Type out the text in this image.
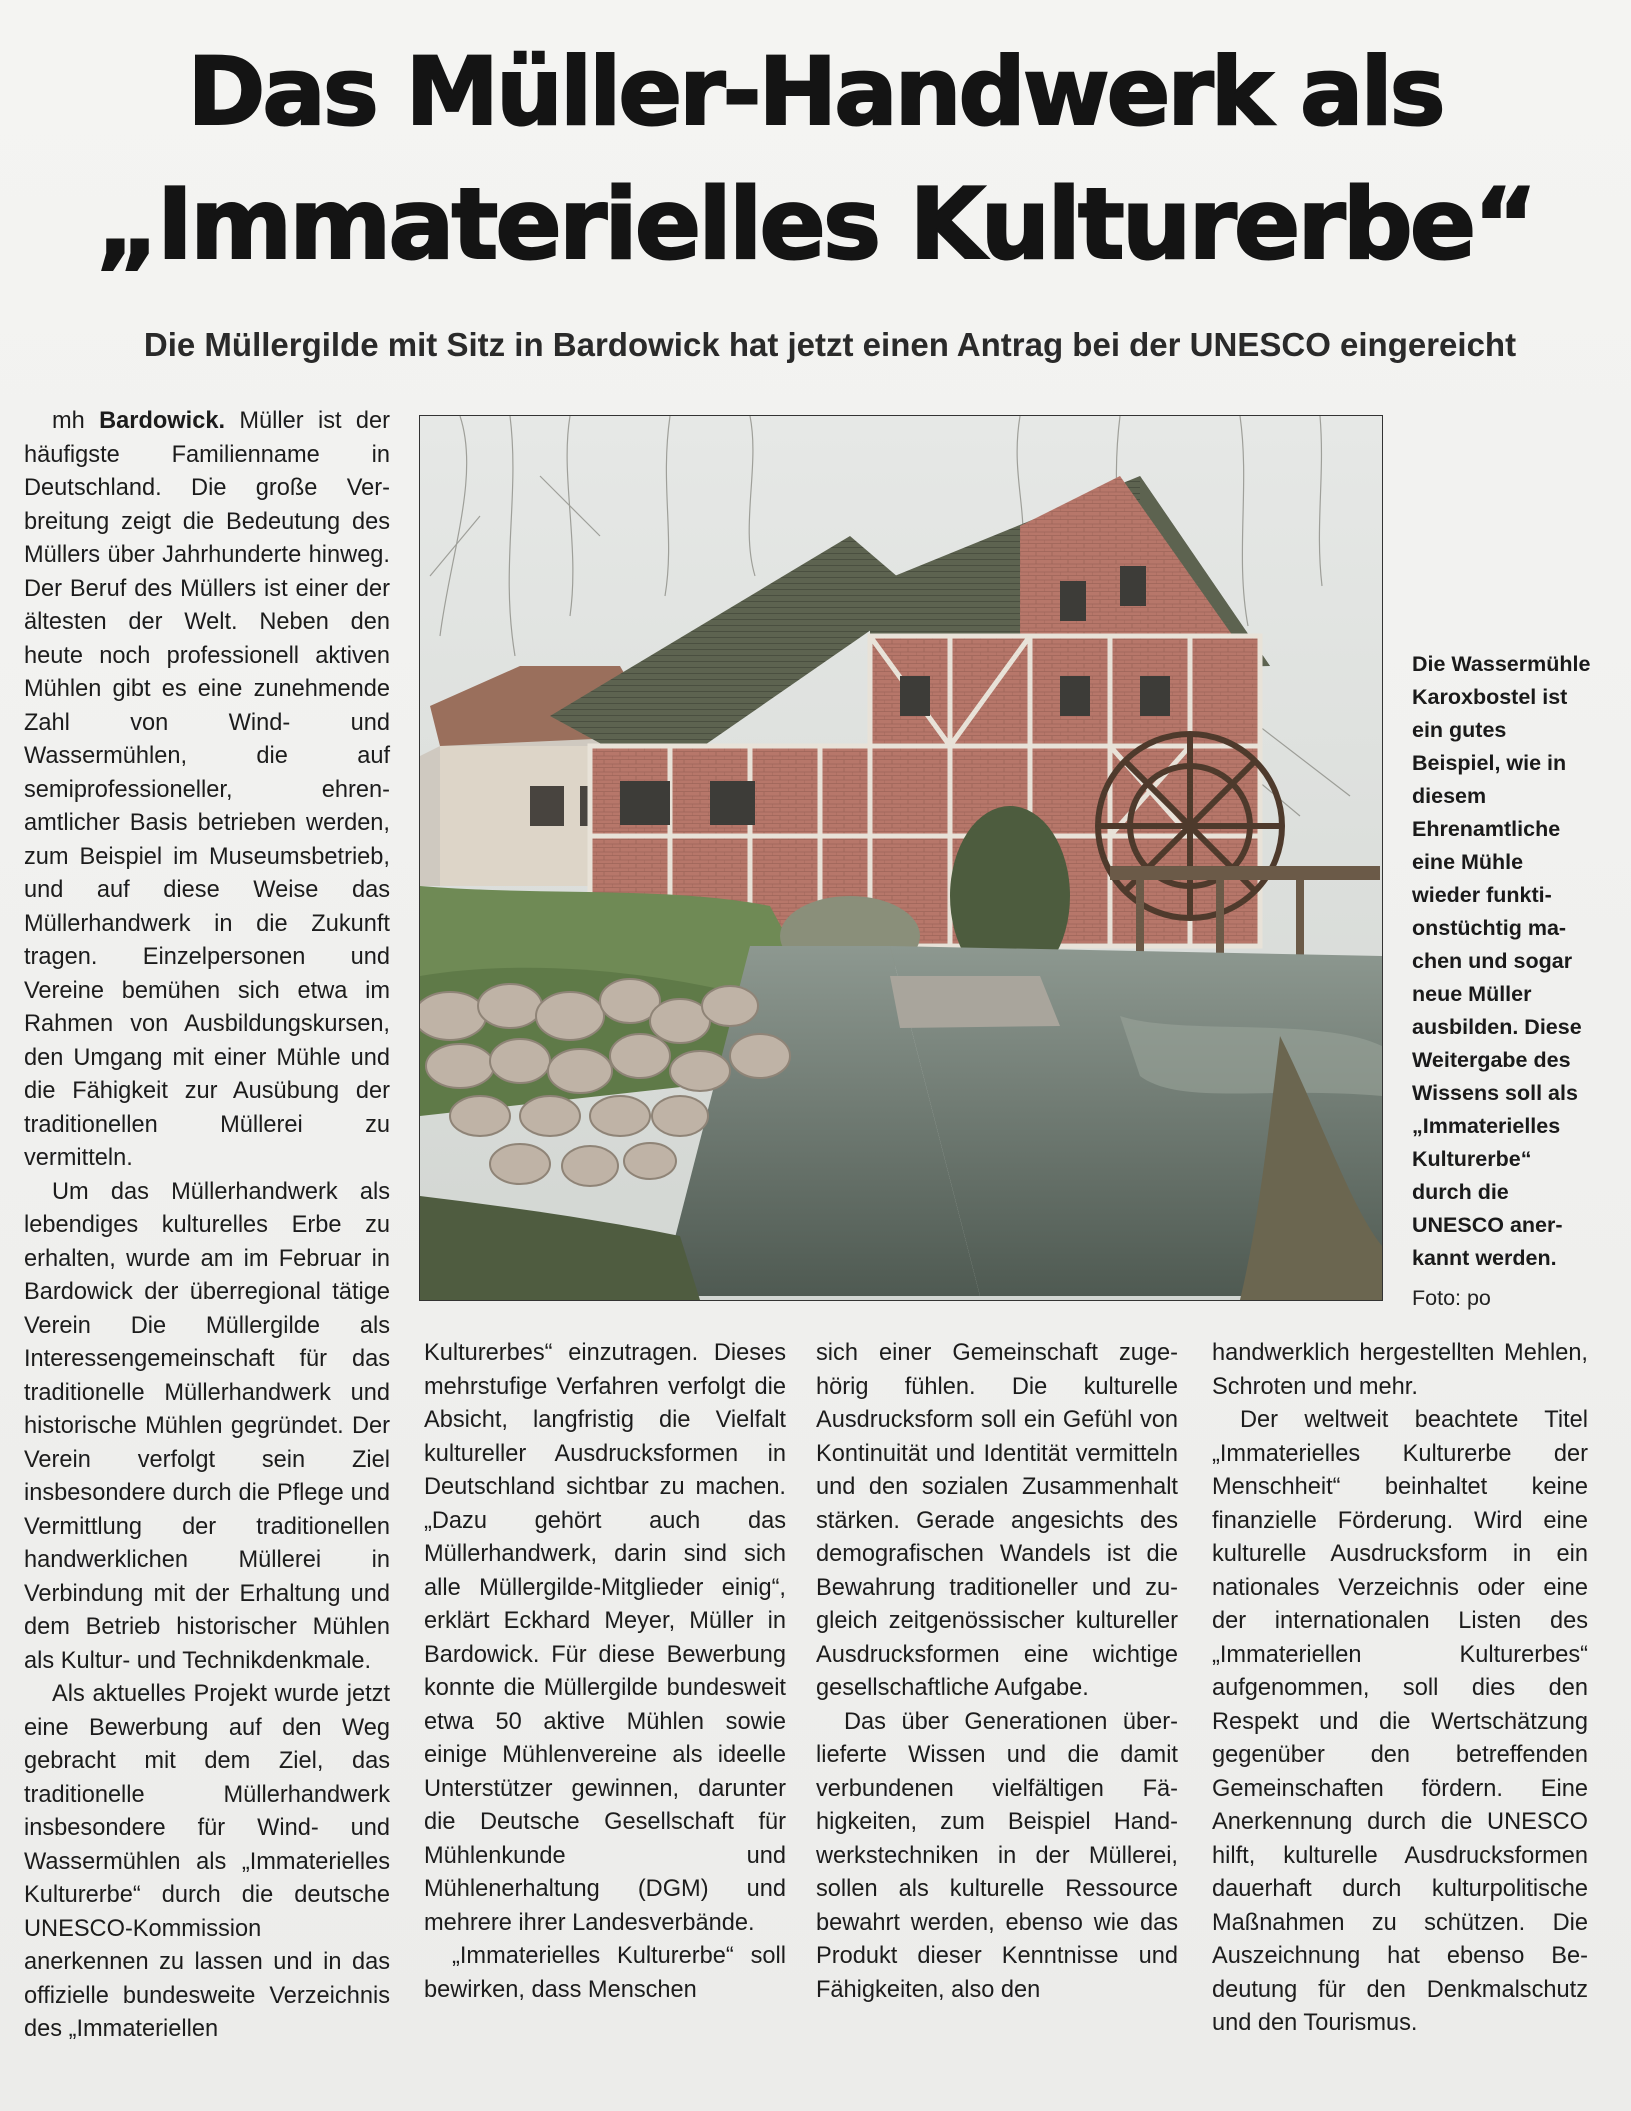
Das Müller-Handwerk als
„Immaterielles Kulturerbe“
Die Müllergilde mit Sitz in Bardowick hat jetzt einen Antrag bei der UNESCO eingereicht

mh Bardowick. Müller ist der häufigste Familienname in Deutschland. Die große Verbreitung zeigt die Bedeutung des Müllers über Jahrhunderte hinweg. Der Beruf des Müllers ist einer der ältesten der Welt. Neben den heute noch professionell aktiven Mühlen gibt es eine zunehmende Zahl von Wind- und Wassermühlen, die auf semiprofessioneller, ehrenamtlicher Basis betrieben werden, zum Beispiel im Museumsbetrieb, und auf diese Weise das Müllerhandwerk in die Zukunft tragen. Einzelpersonen und Vereine bemühen sich etwa im Rahmen von Ausbildungskursen, den Umgang mit einer Mühle und die Fähigkeit zur Ausübung der traditionellen Müllerei zu vermitteln.

Um das Müllerhandwerk als lebendiges kulturelles Erbe zu erhalten, wurde am im Februar in Bardowick der überregional tätige Verein Die Müllergilde als Interessengemeinschaft für das traditionelle Müllerhandwerk und historische Mühlen gegründet. Der Verein verfolgt sein Ziel insbesondere durch die Pflege und Vermittlung der traditionellen handwerklichen Müllerei in Verbindung mit der Erhaltung und dem Betrieb historischer Mühlen als Kultur- und Technikdenkmale.

Als aktuelles Projekt wurde jetzt eine Bewerbung auf den Weg gebracht mit dem Ziel, das traditionelle Müllerhandwerk insbesondere für Wind- und Wassermühlen als „Immaterielles Kulturerbe“ durch die deutsche UNESCO-Kommission anerkennen zu lassen und in das offizielle bundesweite Verzeichnis des „Immateriellen

Die Wassermühle Karoxbostel ist ein gutes Beispiel, wie in diesem Ehrenamtliche eine Mühle wieder funktionstüchtig machen und sogar neue Müller ausbilden. Diese Weitergabe des Wissens soll als „Immaterielles Kulturerbe“ durch die UNESCO anerkannt werden.
Foto: po

Kulturerbes“ einzutragen. Dieses mehrstufige Verfahren verfolgt die Absicht, langfristig die Vielfalt kultureller Ausdrucksformen in Deutschland sichtbar zu machen. „Dazu gehört auch das Müllerhandwerk, darin sind sich alle Müllergilde-Mitglieder einig“, erklärt Eckhard Meyer, Müller in Bardowick. Für diese Bewerbung konnte die Müllergilde bundesweit etwa 50 aktive Mühlen sowie einige Mühlenvereine als ideelle Unterstützer gewinnen, darunter die Deutsche Gesellschaft für Mühlenkunde und Mühlenerhaltung (DGM) und mehrere ihrer Landesverbände.

„Immaterielles Kulturerbe“ soll bewirken, dass Menschen

sich einer Gemeinschaft zugehörig fühlen. Die kulturelle Ausdrucksform soll ein Gefühl von Kontinuität und Identität vermitteln und den sozialen Zusammenhalt stärken. Gerade angesichts des demografischen Wandels ist die Bewahrung traditioneller und zugleich zeitgenössischer kultureller Ausdrucksformen eine wichtige gesellschaftliche Aufgabe.

Das über Generationen überlieferte Wissen und die damit verbundenen vielfältigen Fähigkeiten, zum Beispiel Handwerkstechniken in der Müllerei, sollen als kulturelle Ressource bewahrt werden, ebenso wie das Produkt dieser Kenntnisse und Fähigkeiten, also den

handwerklich hergestellten Mehlen, Schroten und mehr.

Der weltweit beachtete Titel „Immaterielles Kulturerbe der Menschheit“ beinhaltet keine finanzielle Förderung. Wird eine kulturelle Ausdrucksform in ein nationales Verzeichnis oder eine der internationalen Listen des „Immateriellen Kulturerbes“ aufgenommen, soll dies den Respekt und die Wertschätzung gegenüber den betreffenden Gemeinschaften fördern. Eine Anerkennung durch die UNESCO hilft, kulturelle Ausdrucksformen dauerhaft durch kulturpolitische Maßnahmen zu schützen. Die Auszeichnung hat ebenso Bedeutung für den Denkmalschutz und den Tourismus.
